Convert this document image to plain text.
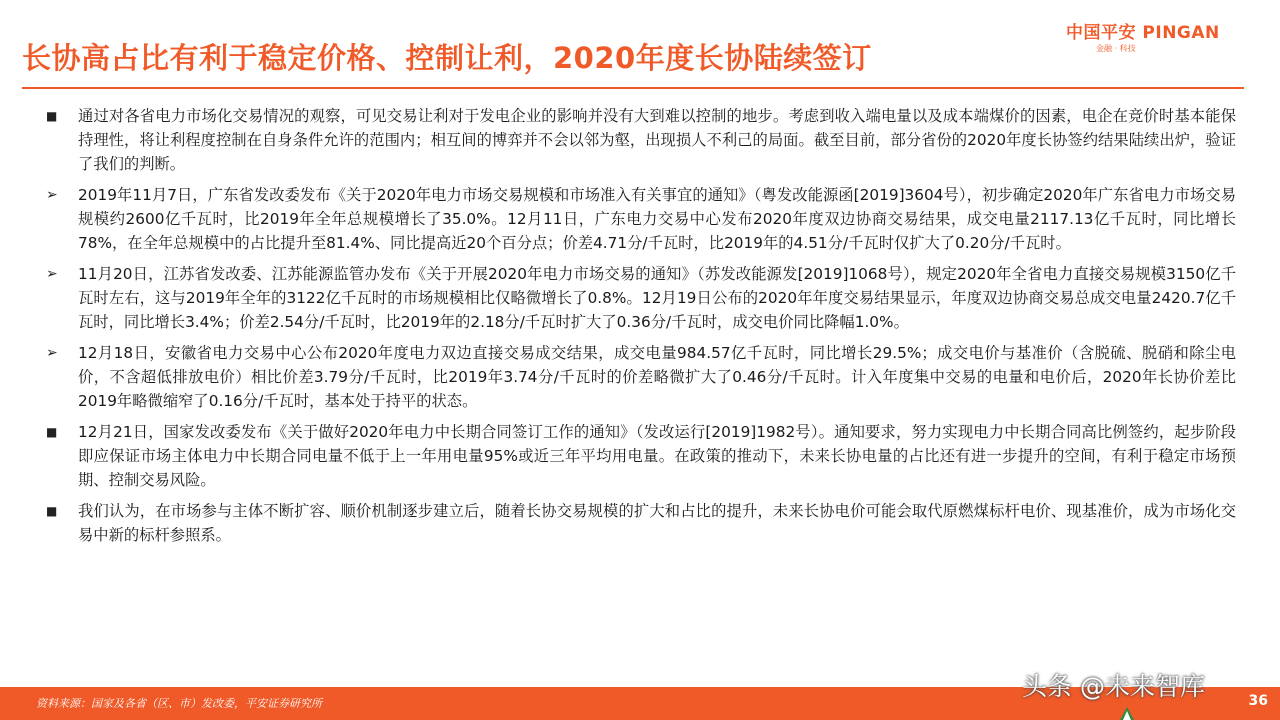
长协高占比有利于稳定价格、控制让利，2020年度长协陆续签订
中国平安 PINGAN
金融 · 科技
■
通过对各省电力市场化交易情况的观察，可见交易让利对于发电企业的影响并没有大到难以控制的地步。考虑到收入端电量以及成本端煤价的因素，电企在竞价时基本能保持理性，将让利程度控制在自身条件允许的范围内；相互间的博弈并不会以邻为壑，出现损人不利己的局面。截至目前，部分省份的2020年度长协签约结果陆续出炉，验证了我们的判断。
➢
2019年11月7日，广东省发改委发布《关于2020年电力市场交易规模和市场准入有关事宜的通知》（粤发改能源函[2019]3604号），初步确定2020年广东省电力市场交易规模约2600亿千瓦时，比2019年全年总规模增长了35.0%。12月11日，广东电力交易中心发布2020年度双边协商交易结果，成交电量2117.13亿千瓦时，同比增长78%，在全年总规模中的占比提升至81.4%、同比提高近20个百分点；价差4.71分/千瓦时，比2019年的4.51分/千瓦时仅扩大了0.20分/千瓦时。
➢
11月20日，江苏省发改委、江苏能源监管办发布《关于开展2020年电力市场交易的通知》（苏发改能源发[2019]1068号），规定2020年全省电力直接交易规模3150亿千瓦时左右，这与2019年全年的3122亿千瓦时的市场规模相比仅略微增长了0.8%。12月19日公布的2020年年度交易结果显示，年度双边协商交易总成交电量2420.7亿千瓦时，同比增长3.4%；价差2.54分/千瓦时，比2019年的2.18分/千瓦时扩大了0.36分/千瓦时，成交电价同比降幅1.0%。
➢
12月18日，安徽省电力交易中心公布2020年度电力双边直接交易成交结果，成交电量984.57亿千瓦时，同比增长29.5%；成交电价与基准价（含脱硫、脱硝和除尘电价，不含超低排放电价）相比价差3.79分/千瓦时，比2019年3.74分/千瓦时的价差略微扩大了0.46分/千瓦时。计入年度集中交易的电量和电价后，2020年长协价差比2019年略微缩窄了0.16分/千瓦时，基本处于持平的状态。
■
12月21日，国家发改委发布《关于做好2020年电力中长期合同签订工作的通知》（发改运行[2019]1982号）。通知要求，努力实现电力中长期合同高比例签约，起步阶段即应保证市场主体电力中长期合同电量不低于上一年用电量95%或近三年平均用电量。在政策的推动下，未来长协电量的占比还有进一步提升的空间，有利于稳定市场预期、控制交易风险。
■
我们认为，在市场参与主体不断扩容、顺价机制逐步建立后，随着长协交易规模的扩大和占比的提升，未来长协电价可能会取代原燃煤标杆电价、现基准价，成为市场化交易中新的标杆参照系。
资料来源：国家及各省（区、市）发改委，平安证券研究所
头条 @未来智库	36
